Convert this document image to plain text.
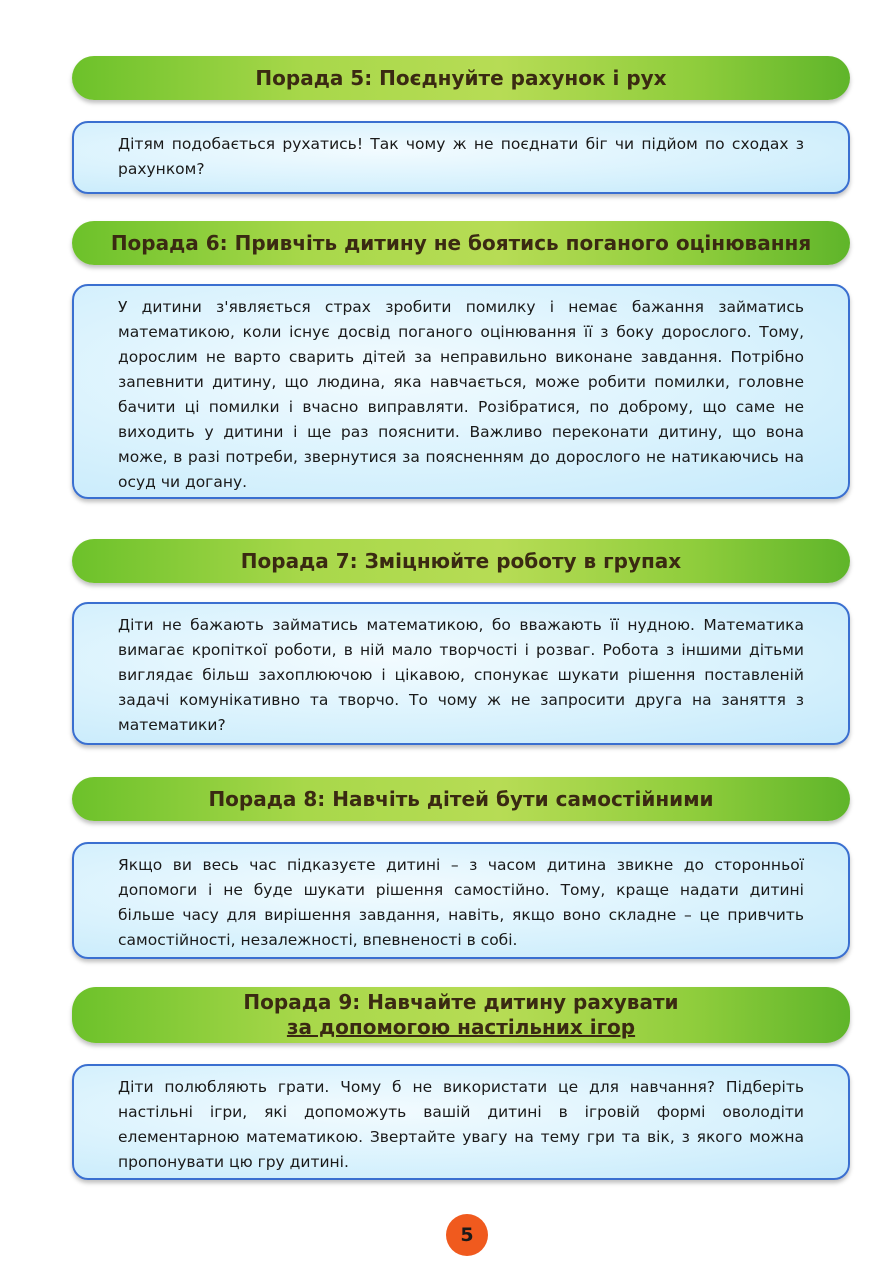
Порада 5: Поєднуйте рахунок і рух

Дітям подобається рухатись! Так чому ж не поєднати біг чи підйом по сходах з рахунком?

Порада 6: Привчіть дитину не боятись поганого оцінювання

У дитини з'являється страх зробити помилку і немає бажання займатись математикою, коли існує досвід поганого оцінювання її з боку дорослого. Тому, дорослим не варто сварить дітей за неправильно виконане завдання. Потрібно запевнити дитину, що людина, яка навчається, може робити помилки, головне бачити ці помилки і вчасно виправляти. Розібратися, по доброму, що саме не виходить у дитини і ще раз пояснити. Важливо переконати дитину, що вона може, в разі потреби, звернутися за поясненням до дорослого не натикаючись на осуд чи догану.

Порада 7: Зміцнюйте роботу в групах

Діти не бажають займатись математикою, бо вважають її нудною. Математика вимагає кропіткої роботи, в ній мало творчості і розваг. Робота з іншими дітьми виглядає більш захоплюючою і цікавою, спонукає шукати рішення поставленій задачі комунікативно та творчо. То чому ж не запросити друга на заняття з математики?

Порада 8: Навчіть дітей бути самостійними

Якщо ви весь час підказуєте дитині – з часом дитина звикне до сторонньої допомоги і не буде шукати рішення самостійно. Тому, краще надати дитині більше часу для вирішення завдання, навіть, якщо воно складне – це привчить самостійності, незалежності, впевненості в собі.

Порада 9: Навчайте дитину рахувати
за допомогою настільних ігор

Діти полюбляють грати. Чому б не використати це для навчання? Підберіть настільні ігри, які допоможуть вашій дитині в ігровій формі оволодіти елементарною математикою. Звертайте увагу на тему гри та вік, з якого можна пропонувати цю гру дитині.

5
